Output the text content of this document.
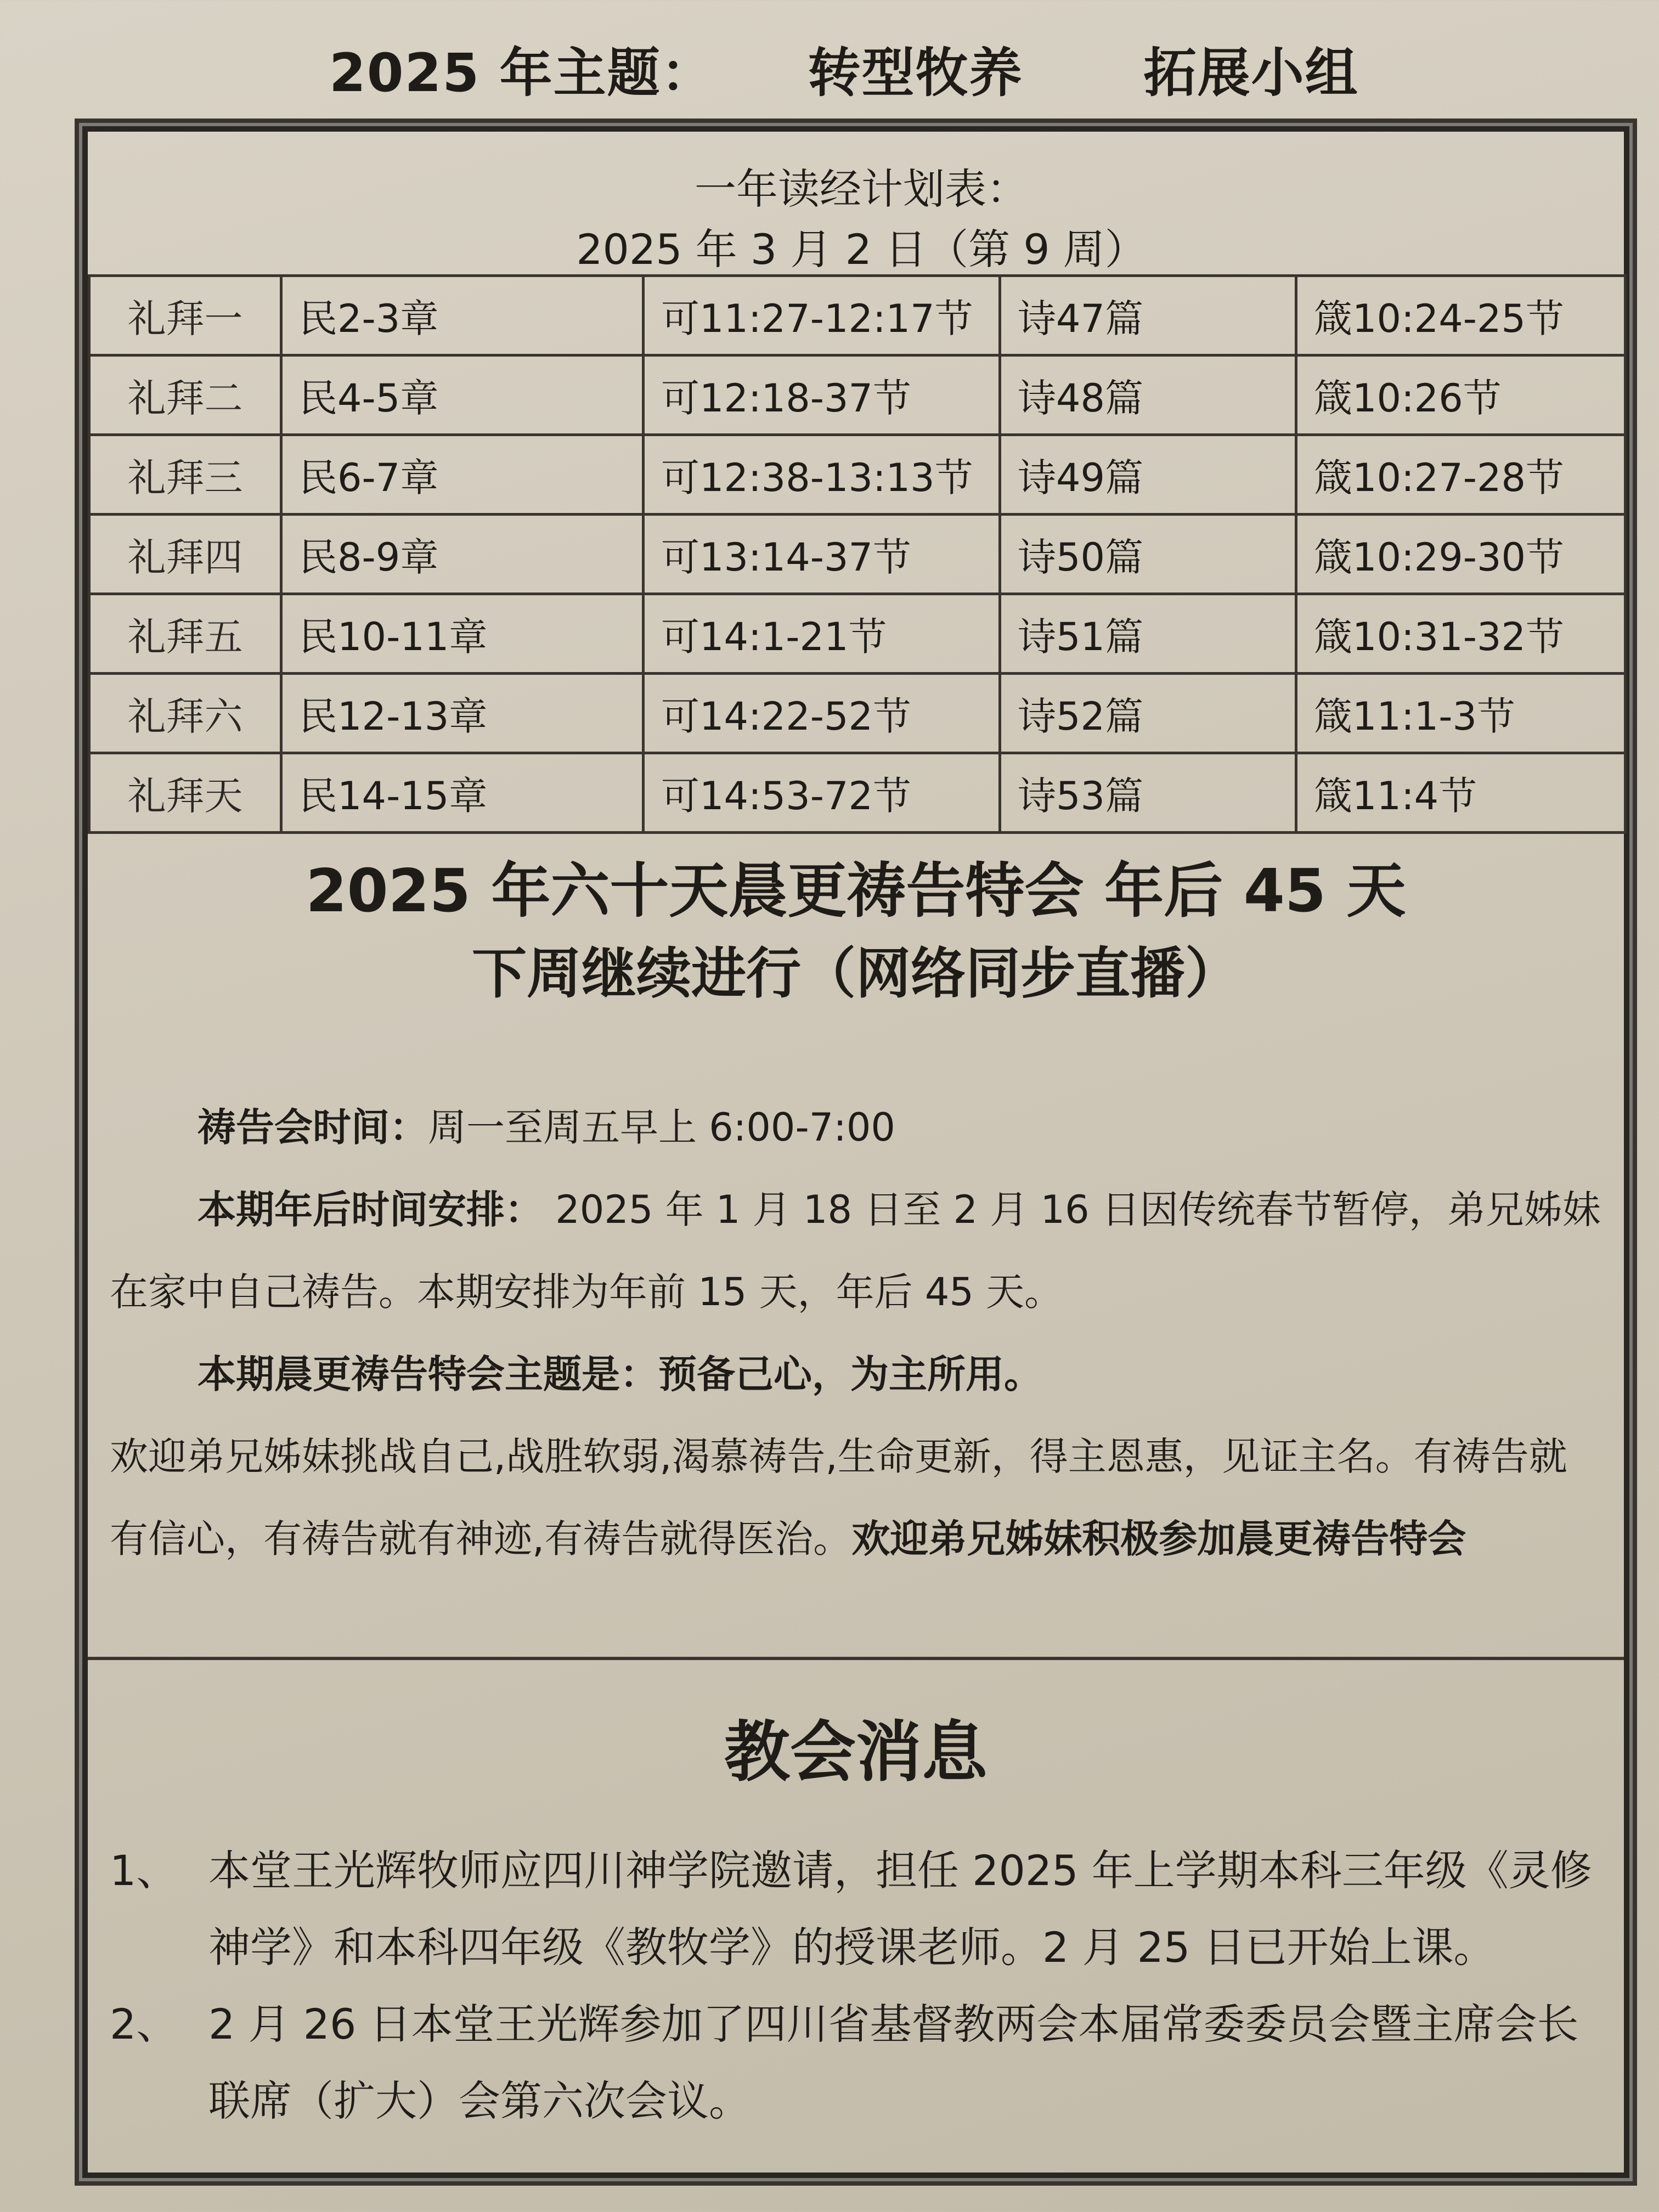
2025 年主题： 转型牧养 拓展小组
一年读经计划表：
2025 年 3 月 2 日（第 9 周）
礼拜一	民2-3章	可11:27-12:17节	诗47篇	箴10:24-25节
礼拜二	民4-5章	可12:18-37节	诗48篇	箴10:26节
礼拜三	民6-7章	可12:38-13:13节	诗49篇	箴10:27-28节
礼拜四	民8-9章	可13:14-37节	诗50篇	箴10:29-30节
礼拜五	民10-11章	可14:1-21节	诗51篇	箴10:31-32节
礼拜六	民12-13章	可14:22-52节	诗52篇	箴11:1-3节
礼拜天	民14-15章	可14:53-72节	诗53篇	箴11:4节
2025 年六十天晨更祷告特会 年后 45 天
下周继续进行（网络同步直播）
祷告会时间：周一至周五早上 6:00-7:00
本期年后时间安排： 2025 年 1 月 18 日至 2 月 16 日因传统春节暂停，弟兄姊妹在家中自己祷告。本期安排为年前 15 天，年后 45 天。
本期晨更祷告特会主题是：预备己心，为主所用。
欢迎弟兄姊妹挑战自己,战胜软弱,渴慕祷告,生命更新，得主恩惠，见证主名。有祷告就有信心，有祷告就有神迹,有祷告就得医治。欢迎弟兄姊妹积极参加晨更祷告特会
教会消息
1、 本堂王光辉牧师应四川神学院邀请，担任 2025 年上学期本科三年级《灵修神学》和本科四年级《教牧学》的授课老师。2 月 25 日已开始上课。
2、 2 月 26 日本堂王光辉参加了四川省基督教两会本届常委委员会暨主席会长联席（扩大）会第六次会议。
